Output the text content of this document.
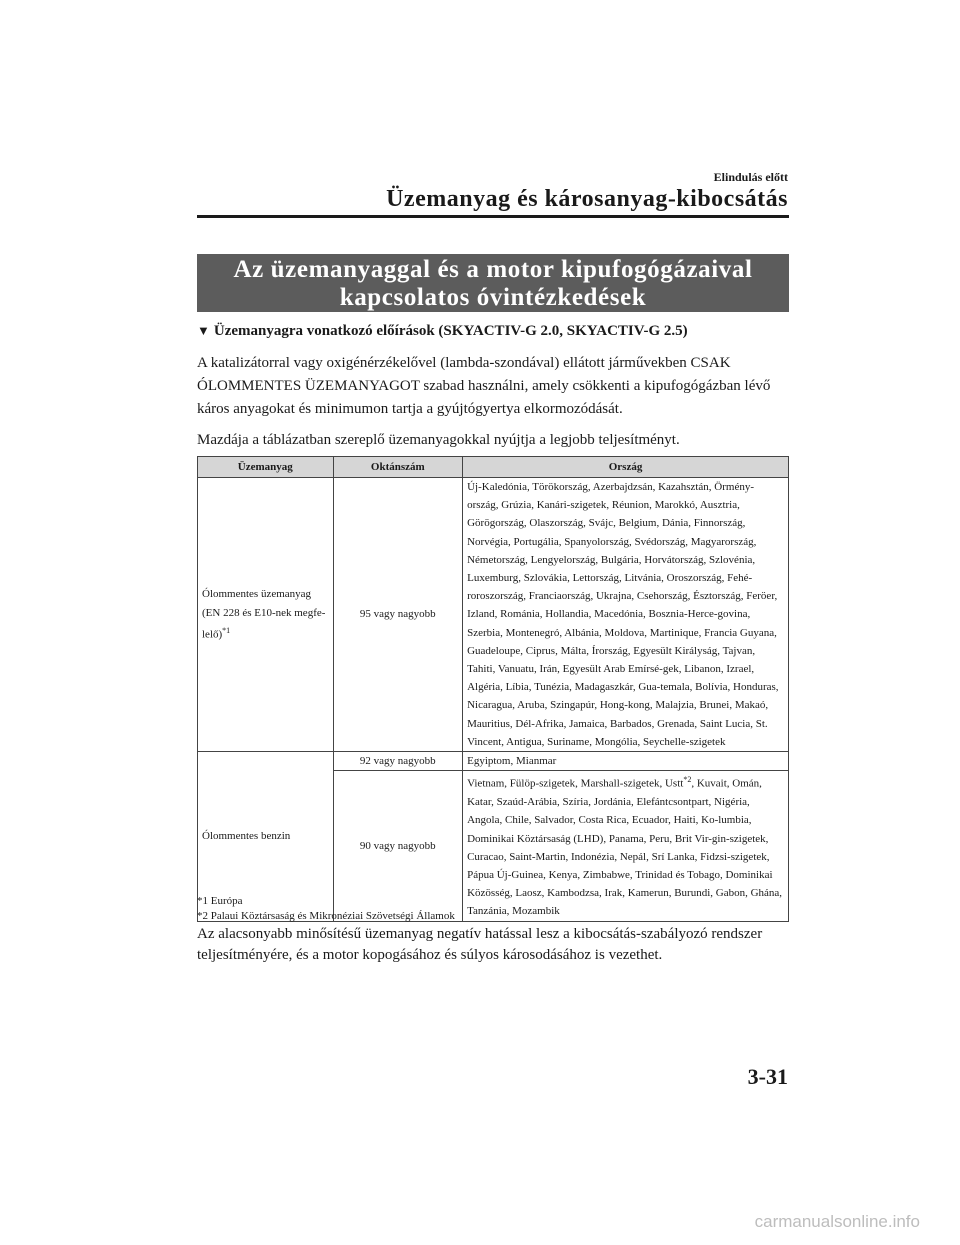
Elindulás előtt
Üzemanyag és károsanyag-kibocsátás
Az üzemanyaggal és a motor kipufogógázaival
kapcsolatos óvintézkedések
▼ Üzemanyagra vonatkozó előírások (SKYACTIV-G 2.0, SKYACTIV-G 2.5)
A katalizátorral vagy oxigénérzékelővel (lambda-szondával) ellátott járművekben CSAK ÓLOMMENTES ÜZEMANYAGOT szabad használni, amely csökkenti a kipufogógázban lévő káros anyagokat és minimumon tartja a gyújtógyertya elkormozódását.
Mazdája a táblázatban szereplő üzemanyagokkal nyújtja a legjobb teljesítményt.
Üzemanyag	Oktánszám	Ország
Ólommentes üzemanyag (EN 228 és E10-nek megfe-lelő)$^{*1}$	95 vagy nagyobb	Új-Kaledónia, Törökország, Azerbajdzsán, Kazahsztán, Örmény-ország, Grúzia, Kanári-szigetek, Réunion, Marokkó, Ausztria, Görögország, Olaszország, Svájc, Belgium, Dánia, Finnország, Norvégia, Portugália, Spanyolország, Svédország, Magyarország, Németország, Lengyelország, Bulgária, Horvátország, Szlovénia, Luxemburg, Szlovákia, Lettország, Litvánia, Oroszország, Fehé-roroszország, Franciaország, Ukrajna, Csehország, Észtország, Feröer, Izland, Románia, Hollandia, Macedónia, Bosznia-Herce-govina, Szerbia, Montenegró, Albánia, Moldova, Martinique, Francia Guyana, Guadeloupe, Ciprus, Málta, Írország, Egyesült Királyság, Tajvan, Tahiti, Vanuatu, Irán, Egyesült Arab Emírsé-gek, Libanon, Izrael, Algéria, Líbia, Tunézia, Madagaszkár, Gua-temala, Bolívia, Honduras, Nicaragua, Aruba, Szingapúr, Hong-kong, Malajzia, Brunei, Makaó, Mauritius, Dél-Afrika, Jamaica, Barbados, Grenada, Saint Lucia, St. Vincent, Antigua, Suriname, Mongólia, Seychelle-szigetek
Ólommentes benzin	92 vagy nagyobb	Egyiptom, Mianmar
	90 vagy nagyobb	Vietnam, Fülöp-szigetek, Marshall-szigetek, Ustt$^{*2}$, Kuvait, Omán, Katar, Szaúd-Arábia, Szíria, Jordánia, Elefántcsontpart, Nigéria, Angola, Chile, Salvador, Costa Rica, Ecuador, Haiti, Ko-lumbia, Dominikai Köztársaság (LHD), Panama, Peru, Brit Vir-gin-szigetek, Curacao, Saint-Martin, Indonézia, Nepál, Srí Lanka, Fidzsi-szigetek, Pápua Új-Guinea, Kenya, Zimbabwe, Trinidad és Tobago, Dominikai Közösség, Laosz, Kambodzsa, Irak, Kamerun, Burundi, Gabon, Ghána, Tanzánia, Mozambik
*1 Európa
*2 Palaui Köztársaság és Mikronéziai Szövetségi Államok
Az alacsonyabb minősítésű üzemanyag negatív hatással lesz a kibocsátás-szabályozó rendszer teljesítményére, és a motor kopogásához és súlyos károsodásához is vezethet.
3-31
carmanualsonline.info
